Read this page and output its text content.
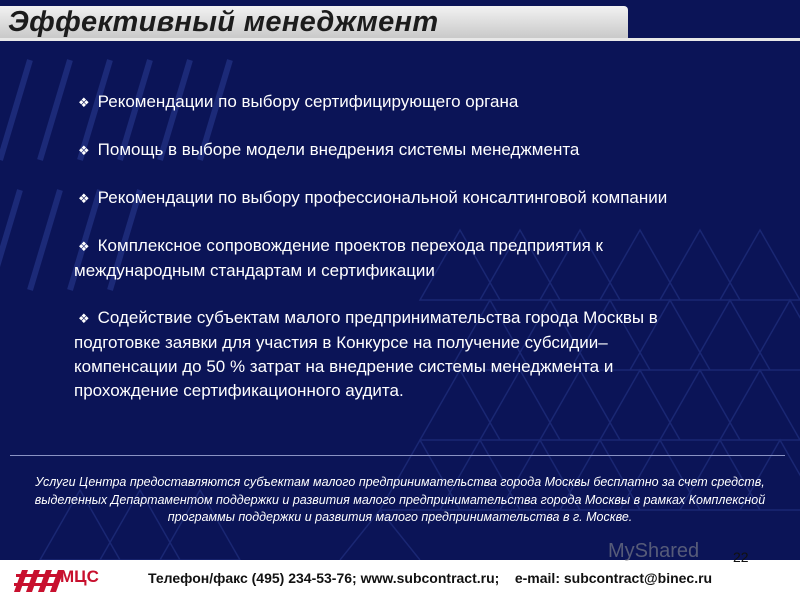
Эффективный менеджмент
❖ Рекомендации по выбору сертифицирующего органа
❖ Помощь в выборе модели внедрения системы менеджмента
❖ Рекомендации по выбору профессиональной консалтинговой компании
❖ Комплексное сопровождение проектов перехода предприятия к международным стандартам и сертификации
❖ Содействие субъектам малого предпринимательства города Москвы в подготовке заявки для участия в Конкурсе на получение субсидии– компенсации до 50 % затрат на внедрение системы менеджмента и прохождение сертификационного аудита.
Услуги Центра предоставляются субъектам малого предпринимательства города Москвы бесплатно за счет средств, выделенных Департаментом поддержки и развития малого предпринимательства города Москвы в рамках Комплексной программы поддержки и развития малого предпринимательства в г. Москве.
МЦС	Телефон/факс (495) 234-53-76; www.subcontract.ru;    e-mail: subcontract@binec.ru
MyShared 22
